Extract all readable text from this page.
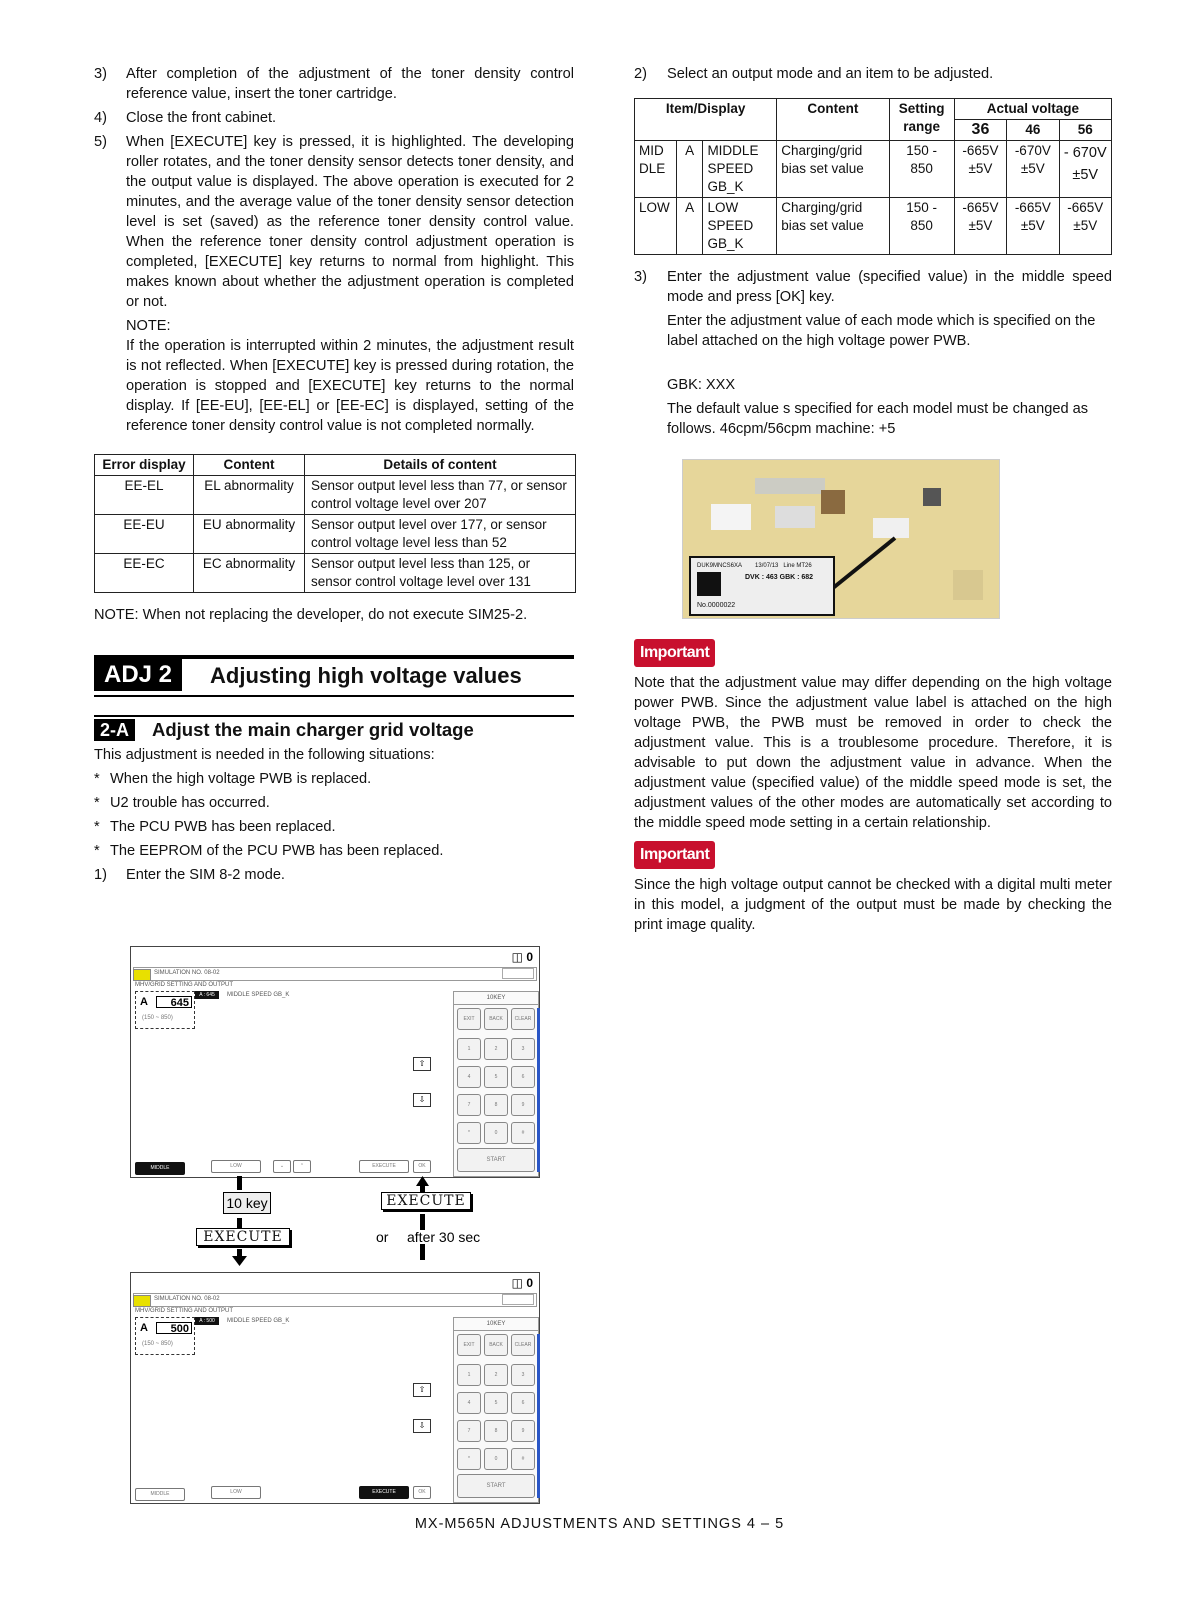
3) After completion of the adjustment of the toner density control reference value, insert the toner cartridge.
4) Close the front cabinet.
5) When [EXECUTE] key is pressed, it is highlighted. The developing roller rotates, and the toner density sensor detects toner density, and the output value is displayed. The above operation is executed for 2 minutes, and the average value of the toner density sensor detection level is set (saved) as the reference toner density control value. When the reference toner density control adjustment operation is completed, [EXECUTE] key returns to normal from highlight. This makes known about whether the adjustment operation is completed or not.
NOTE:
If the operation is interrupted within 2 minutes, the adjustment result is not reflected. When [EXECUTE] key is pressed during rotation, the operation is stopped and [EXECUTE] key returns to the normal display. If [EE-EU], [EE-EL] or [EE-EC] is displayed, setting of the reference toner density control value is not completed normally.
Error display	Content	Details of content
EE-EL	EL abnormality	Sensor output level less than 77, or sensor control voltage level over 207
EE-EU	EU abnormality	Sensor output level over 177, or sensor control voltage level less than 52
EE-EC	EC abnormality	Sensor output level less than 125, or sensor control voltage level over 131
NOTE: When not replacing the developer, do not execute SIM25-2.
ADJ 2	Adjusting high voltage values
2-A	Adjust the main charger grid voltage
This adjustment is needed in the following situations:
* When the high voltage PWB is replaced.
* U2 trouble has occurred.
* The PCU PWB has been replaced.
* The EEPROM of the PCU PWB has been replaced.
1) Enter the SIM 8-2 mode.
◫ 0
SIMULATION NO. 08-02
MHV/GRID SETTING AND OUTPUT
A : 645	MIDDLE SPEED GB_K
A	645
(150 ~ 850)
⇧
⇩
10KEY
EXIT	BACK	CLEAR
1	2	3
4	5	6
7	8	9
*	0	#
START
MIDDLE	LOW	⌄	⌃	EXECUTE	OK
10 key	EXECUTE
EXECUTE	or after 30 sec
◫ 0
SIMULATION NO. 08-02
MHV/GRID SETTING AND OUTPUT
A : 500	MIDDLE SPEED GB_K
A	500
(150 ~ 850)
⇧
⇩
10KEY
EXIT	BACK	CLEAR
1	2	3
4	5	6
7	8	9
*	0	#
START
MIDDLE	LOW	EXECUTE	OK
2) Select an output mode and an item to be adjusted.
Item/Display			Content	Setting range	Actual voltage		
					36	46	56
MIDDLE	A	MIDDLE SPEED GB_K	Charging/grid bias set value	150 - 850	-665V ±5V	-670V ±5V	- 670V ±5V
LOW	A	LOW SPEED GB_K	Charging/grid bias set value	150 - 850	-665V ±5V	-665V ±5V	-665V ±5V
3) Enter the adjustment value (specified value) in the middle speed mode and press [OK] key.
Enter the adjustment value of each mode which is specified on the label attached on the high voltage power PWB.
GBK: XXX
The default value s specified for each model must be changed as follows. 46cpm/56cpm machine: +5
DUK9MNCS6XA        13/07/13   Line MT26
DVK : 463 GBK : 682
No.0000022
Important
Note that the adjustment value may differ depending on the high voltage power PWB. Since the adjustment value label is attached on the high voltage PWB, the PWB must be removed in order to check the adjustment value. This is a troublesome procedure. Therefore, it is advisable to put down the adjustment value in advance. When the adjustment value (specified value) of the middle speed mode is set, the adjustment values of the other modes are automatically set according to the middle speed mode setting in a certain relationship.
Important
Since the high voltage output cannot be checked with a digital multi meter in this model, a judgment of the output must be made by checking the print image quality.
MX-M565N ADJUSTMENTS AND SETTINGS 4 – 5
